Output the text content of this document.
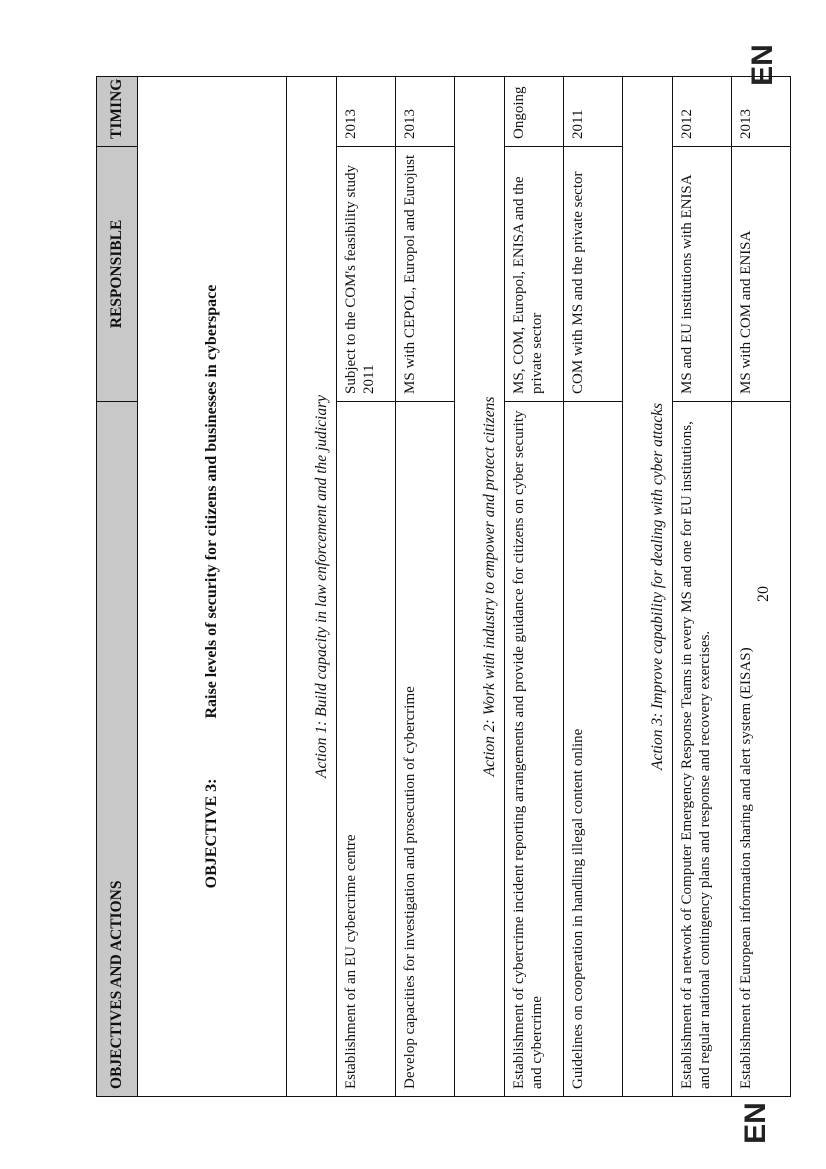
EN
EN
20
OBJECTIVES AND ACTIONS	RESPONSIBLE	TIMING
OBJECTIVE 3: Raise levels of security for citizens and businesses in cyberspace		
Action 1: Build capacity in law enforcement and the judiciary		
Establishment of an EU cybercrime centre	Subject to the COM's feasibility study 2011	2013
Develop capacities for investigation and prosecution of cybercrime	MS with CEPOL, Europol and Eurojust	2013
Action 2: Work with industry to empower and protect citizens		
Establishment of cybercrime incident reporting arrangements and provide guidance for citizens on cyber security and cybercrime	MS, COM, Europol, ENISA and the private sector	Ongoing
Guidelines on cooperation in handling illegal content online	COM with MS and the private sector	2011
Action 3: Improve capability for dealing with cyber attacks		
Establishment of a network of Computer Emergency Response Teams in every MS and one for EU institutions, and regular national contingency plans and response and recovery exercises.	MS and EU institutions with ENISA	2012
Establishment of European information sharing and alert system (EISAS)	MS with COM and ENISA	2013
